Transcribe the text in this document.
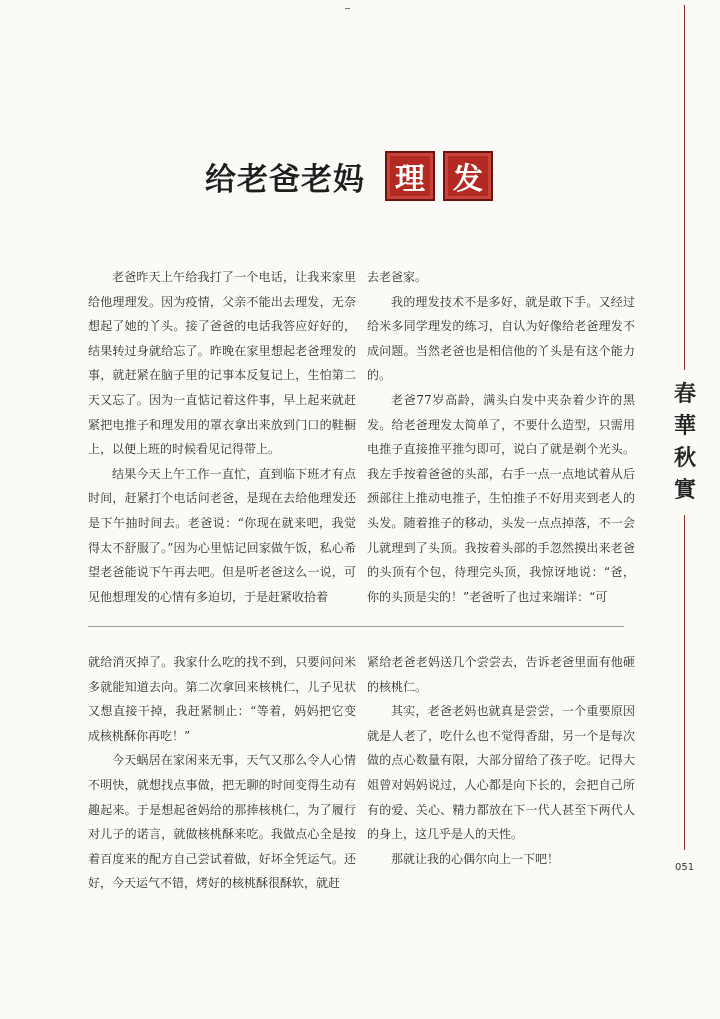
给老爸老妈	理 发
春
華
秋
實

老爸昨天上午给我打了一个电话，让我来家里给他理理发。因为疫情，父亲不能出去理发，无奈想起了她的丫头。接了爸爸的电话我答应好好的，结果转过身就给忘了。昨晚在家里想起老爸理发的事，就赶紧在脑子里的记事本反复记上，生怕第二天又忘了。因为一直惦记着这件事，早上起来就赶紧把电推子和理发用的罩衣拿出来放到门口的鞋橱上，以便上班的时候看见记得带上。

结果今天上午工作一直忙，直到临下班才有点时间，赶紧打个电话问老爸，是现在去给他理发还是下午抽时间去。老爸说：“你现在就来吧，我觉得太不舒服了。”因为心里惦记回家做午饭，私心希望老爸能说下午再去吧。但是听老爸这么一说，可见他想理发的心情有多迫切，于是赶紧收拾着

去老爸家。

我的理发技术不是多好，就是敢下手。又经过给米多同学理发的练习，自认为好像给老爸理发不成问题。当然老爸也是相信他的丫头是有这个能力的。

老爸77岁高龄，满头白发中夹杂着少许的黑发。给老爸理发太简单了，不要什么造型，只需用电推子直接推平推匀即可，说白了就是剃个光头。我左手按着爸爸的头部，右手一点一点地试着从后颈部往上推动电推子，生怕推子不好用夹到老人的头发。随着推子的移动，头发一点点掉落，不一会儿就理到了头顶。我按着头部的手忽然摸出来老爸的头顶有个包，待理完头顶，我惊讶地说：“爸，你的头顶是尖的！”老爸听了也过来端详：“可

就给消灭掉了。我家什么吃的找不到，只要问问米多就能知道去向。第二次拿回来核桃仁，儿子见状又想直接干掉，我赶紧制止：“等着，妈妈把它变成核桃酥你再吃！”

今天蜗居在家闲来无事，天气又那么令人心情不明快，就想找点事做，把无聊的时间变得生动有趣起来。于是想起爸妈给的那捧核桃仁，为了履行对儿子的诺言，就做核桃酥来吃。我做点心全是按着百度来的配方自己尝试着做，好坏全凭运气。还好，今天运气不错，烤好的核桃酥很酥软，就赶

紧给老爸老妈送几个尝尝去，告诉老爸里面有他砸的核桃仁。

其实，老爸老妈也就真是尝尝，一个重要原因就是人老了，吃什么也不觉得香甜，另一个是每次做的点心数量有限，大部分留给了孩子吃。记得大姐曾对妈妈说过，人心都是向下长的，会把自己所有的爱、关心、精力都放在下一代人甚至下两代人的身上，这几乎是人的天性。

那就让我的心偶尔向上一下吧！

051
